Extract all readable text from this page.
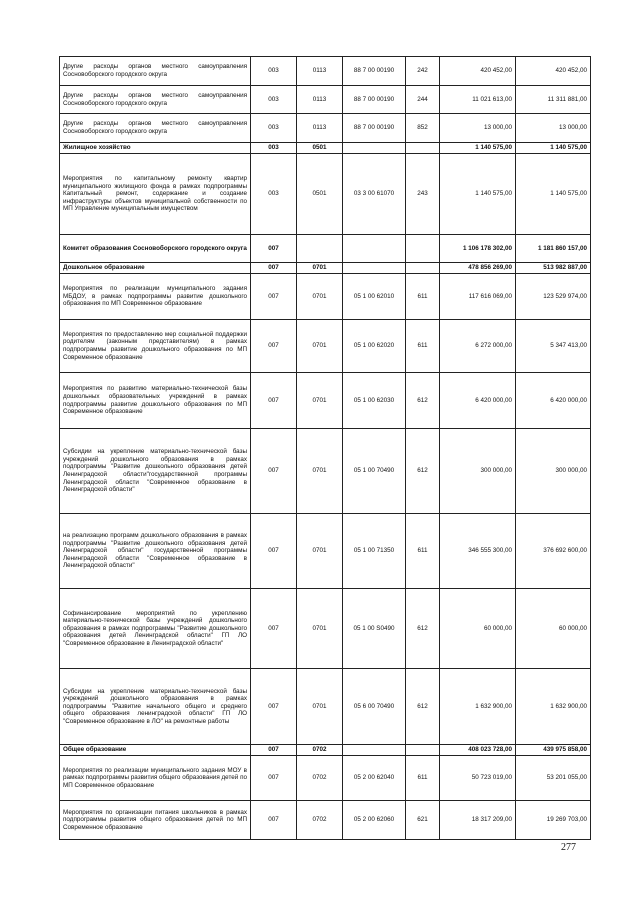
Другие расходы органов местного самоуправления Сосновоборского городского округа	003	0113	88 7 00 00190	242	420 452,00	420 452,00
Другие расходы органов местного самоуправления Сосновоборского городского округа	003	0113	88 7 00 00190	244	11 021 613,00	11 311 881,00
Другие расходы органов местного самоуправления Сосновоборского городского округа	003	0113	88 7 00 00190	852	13 000,00	13 000,00
Жилищное хозяйство	003	0501			1 140 575,00	1 140 575,00
Мероприятия по капитальному ремонту квартир муниципального жилищного фонда в рамках подпрограммы Капитальный ремонт, содержание и создание инфраструктуры объектов муниципальной собственности по МП Управление муниципальным имуществом	003	0501	03 3 00 61070	243	1 140 575,00	1 140 575,00
Комитет образования Сосновоборского городского округа	007				1 106 178 302,00	1 181 860 157,00
Дошкольное образование	007	0701			478 856 269,00	513 982 887,00
Мероприятия по реализации муниципального задания МБДОУ, в рамках подпрограммы развитие дошкольного образования по МП Современное образование	007	0701	05 1 00 62010	611	117 616 069,00	123 529 974,00
Мероприятия по предоставлению мер социальной поддержки родителям (законным представителям) в рамках подпрограммы развитие дошкольного образования по МП Современное образование	007	0701	05 1 00 62020	611	6 272 000,00	5 347 413,00
Мероприятия по развитию материально-технической базы дошкольных образовательных учреждений в рамках подпрограммы развитие дошкольного образования по МП Современное образование	007	0701	05 1 00 62030	612	6 420 000,00	6 420 000,00
Субсидии на укрепление материально-технической базы учреждений дошкольного образования в рамках подпрограммы "Развитие дошкольного образования детей Ленинградской области"государственной программы Ленинградской области "Современное образование в Ленинградской области"	007	0701	05 1 00 70490	612	300 000,00	300 000,00
на реализацию программ дошкольного образования в рамках подпрограммы "Развитие дошкольного образования детей Ленинградской области" государственной программы Ленинградской области "Современное образование в Ленинградской области"	007	0701	05 1 00 71350	611	346 555 300,00	376 692 600,00
Софинансирование мероприятий по укреплению материально-технической базы учреждений дошкольного образования в рамках подпрограммы "Развитие дошкольного образования детей Ленинградской области" ГП ЛО "Современное образование в Ленинградской области"	007	0701	05 1 00 S0490	612	60 000,00	60 000,00
Субсидии на укрепление материально-технической базы учреждений дошкольного образования в рамках подпрограммы "Развитие начального общего и среднего общего образования ленинградской области" ГП ЛО "Современное образование в ЛО" на ремонтные работы	007	0701	05 6 00 70490	612	1 632 900,00	1 632 900,00
Общее образование	007	0702			408 023 728,00	439 975 858,00
Мероприятия по реализации муниципального задания МОУ в рамках подпрограммы развития общего образования детей по МП Современное образование	007	0702	05 2 00 62040	611	50 723 019,00	53 201 055,00
Мероприятия по организации питания школьников в рамках подпрограммы развития общего образования детей по МП Современное образование	007	0702	05 2 00 62060	621	18 317 209,00	19 269 703,00
277
